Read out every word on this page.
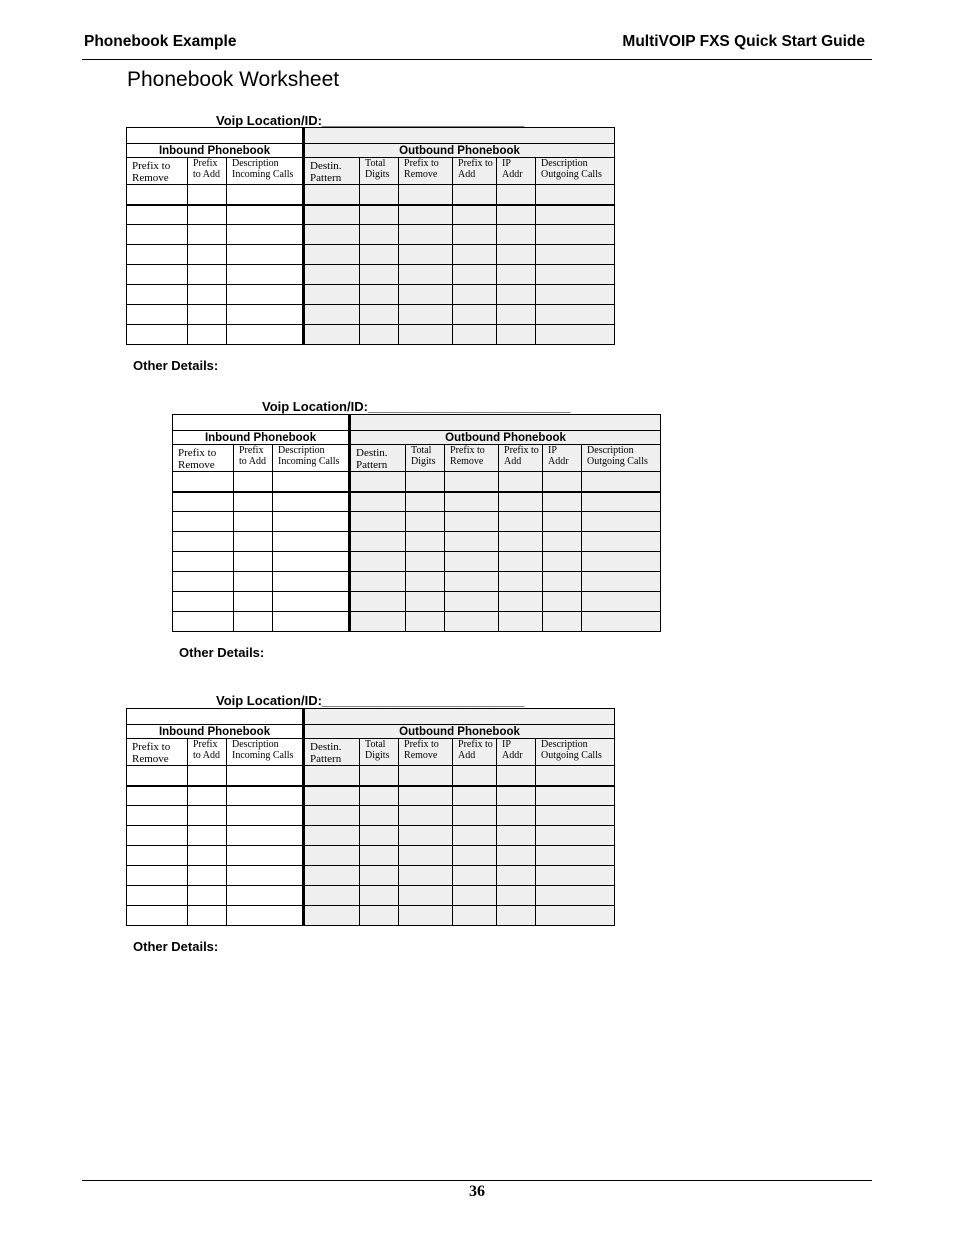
Phonebook Example	MultiVOIP FXS Quick Start Guide
Phonebook Worksheet
Voip Location/ID:____________________________

Inbound Phonebook			Outbound Phonebook					
Prefix to Remove	Prefix to Add	Description Incoming Calls	Destin. Pattern	Total Digits	Prefix to Remove	Prefix to Add	IP Addr	Description Outgoing Calls

Other Details:
Voip Location/ID:____________________________

Inbound Phonebook			Outbound Phonebook					
Prefix to Remove	Prefix to Add	Description Incoming Calls	Destin. Pattern	Total Digits	Prefix to Remove	Prefix to Add	IP Addr	Description Outgoing Calls

Other Details:
Voip Location/ID:____________________________

Inbound Phonebook			Outbound Phonebook					
Prefix to Remove	Prefix to Add	Description Incoming Calls	Destin. Pattern	Total Digits	Prefix to Remove	Prefix to Add	IP Addr	Description Outgoing Calls

Other Details:
36
